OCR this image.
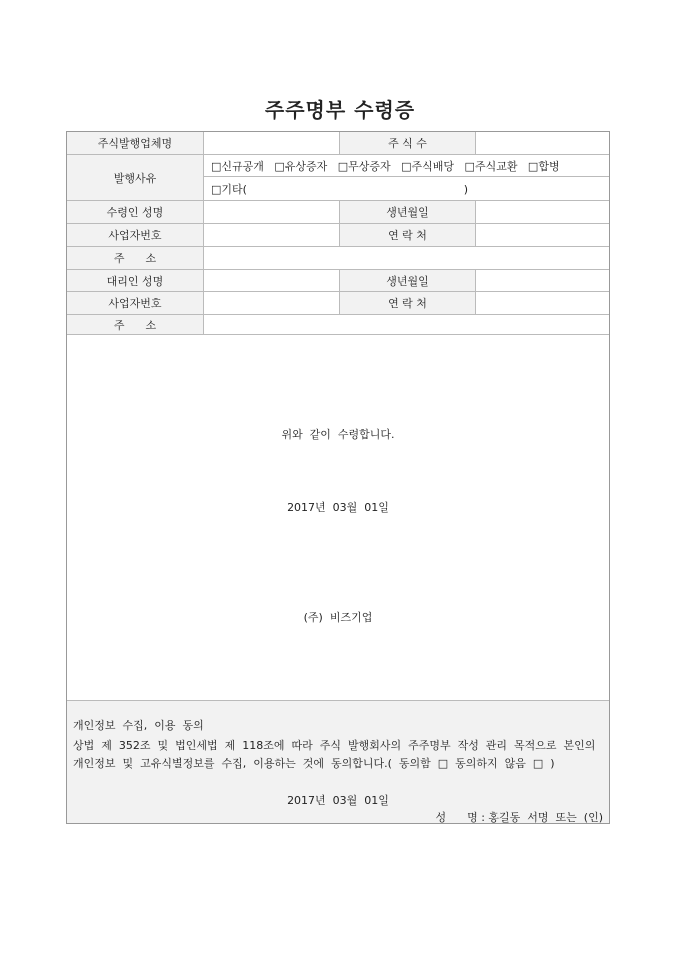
주주명부 수령증
주식발행업체명	주 식 수
발행사유
□신규공개   □유상증자   □무상증자   □주식배당   □주식교환   □합병
□기타(                                                              )
수령인 성명	생년월일
사업자번호	연 락 처
주      소
대리인 성명	생년월일
사업자번호	연 락 처
주      소
위와  같이  수령합니다.
2017년  03월  01일
(주)  비즈기업
개인정보  수집,  이용  동의
상법  제  352조  및  법인세법  제  118조에  따라  주식  발행회사의  주주명부  작성  관리  목적으로  본인의
개인정보  및  고유식별정보를  수집,  이용하는  것에  동의합니다.(  동의함  □  동의하지  않음  □  )
2017년  03월  01일
성      명 : 홍길동  서명  또는  (인)
